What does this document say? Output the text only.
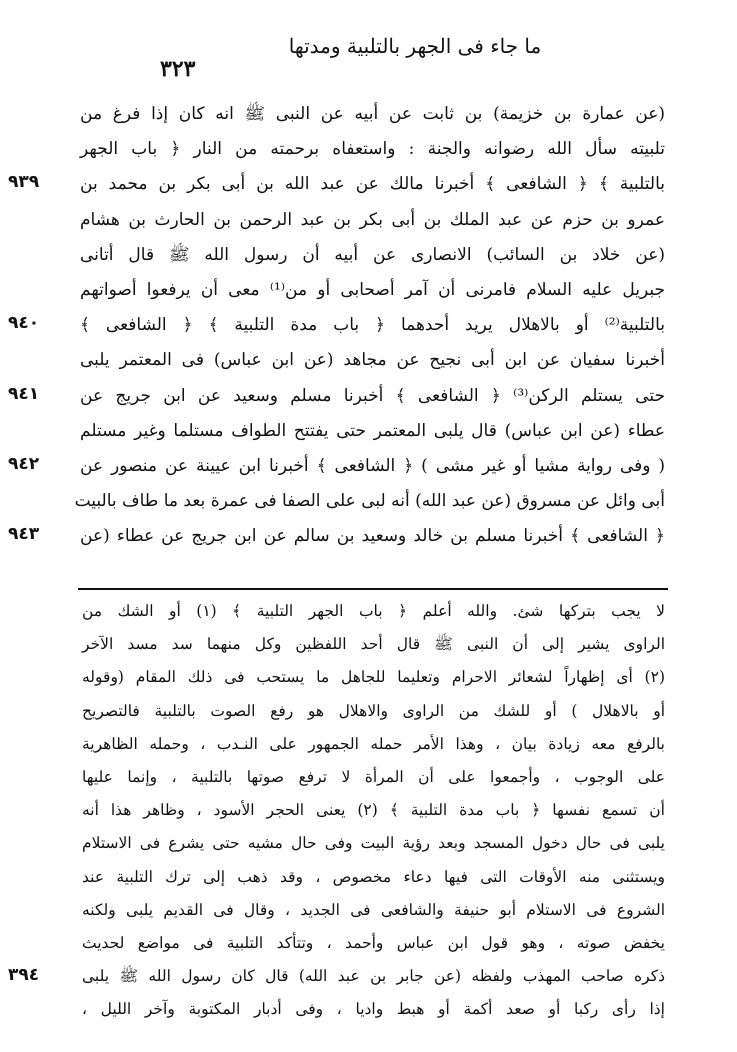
ما جاء فى الجهر بالتلبية ومدتها
٣٢٣
(عن عمارة بن خزيمة) بن ثابت عن أبيه عن النبى ﷺ انه كان إذا فرغ من
تلبيته سأل الله رضوانه والجنة : واستعفاه برحمته من النار ﴿ باب الجهر
بالتلبية ﴾ ﴿ الشافعى ﴾ أخبرنا مالك عن عبد الله بن أبى بكر بن محمد بن
عمرو بن حزم عن عبد الملك بن أبى بكر بن عبد الرحمن بن الحارث بن هشام
(عن خلاد بن السائب) الانصارى عن أبيه أن رسول الله ﷺ قال أتانى
جبريل عليه السلام فامرنى أن آمر أصحابى أو من⁽¹⁾ معى أن يرفعوا أصواتهم
بالتلبية⁽²⁾ أو بالاهلال يريد أحدهما ﴿ باب مدة التلبية ﴾ ﴿ الشافعى ﴾
أخبرنا سفيان عن ابن أبى نجيح عن مجاهد (عن ابن عباس) فى المعتمر يلبى
حتى يستلم الركن⁽³⁾ ﴿ الشافعى ﴾ أخبرنا مسلم وسعيد عن ابن جريج عن
عطاء (عن ابن عباس) قال يلبى المعتمر حتى يفتتح الطواف مستلما وغير مستلم
( وفى رواية مشيا أو غير مشى ) ﴿ الشافعى ﴾ أخبرنا ابن عيينة عن منصور عن
أبى وائل عن مسروق (عن عبد الله) أنه لبى على الصفا فى عمرة بعد ما طاف بالبيت
﴿ الشافعى ﴾ أخبرنا مسلم بن خالد وسعيد بن سالم عن ابن جريج عن عطاء (عن
٩٣٩
٩٤٠
٩٤١
٩٤٢
٩٤٣
لا يجب بتركها شئ. والله أعلم ﴿ باب الجهر التلبية ﴾ (١) أو الشك من
الراوى يشير إلى أن النبى ﷺ قال أحد اللفظين وكل منهما سد مسد الآخر
(٢) أى إظهاراً لشعائر الاحرام وتعليما للجاهل ما يستحب فى ذلك المقام (وقوله
أو بالاهلال ) أو للشك من الراوى والاهلال هو رفع الصوت بالتلبية فالتصريح
بالرفع معه زيادة بيان ، وهذا الأمر حمله الجمهور على النـدب ، وحمله الظاهرية
على الوجوب ، وأجمعوا على أن المرأة لا ترفع صوتها بالتلبية ، وإنما عليها
أن تسمع نفسها ﴿ باب مدة التلبية ﴾ (٢) يعنى الحجر الأسود ، وظاهر هذا أنه
يلبى فى حال دخول المسجد وبعد رؤية البيت وفى حال مشيه حتى يشرع فى الاستلام
ويستثنى منه الأوقات التى فيها دعاء مخصوص ، وقد ذهب إلى ترك التلبية عند
الشروع فى الاستلام أبو حنيفة والشافعى فى الجديد ، وقال فى القديم يلبى ولكنه
يخفض صوته ، وهو قول ابن عباس وأحمد ، وتتأكد التلبية فى مواضع لحديث
ذكره صاحب المهذب ولفظه (عن جابر بن عبد الله) قال كان رسول الله ﷺ يلبى
إذا رأى ركبا أو صعد أكمة أو هبط واديا ، وفى أدبار المكتوبة وآخر الليل ،
٣٩٤
